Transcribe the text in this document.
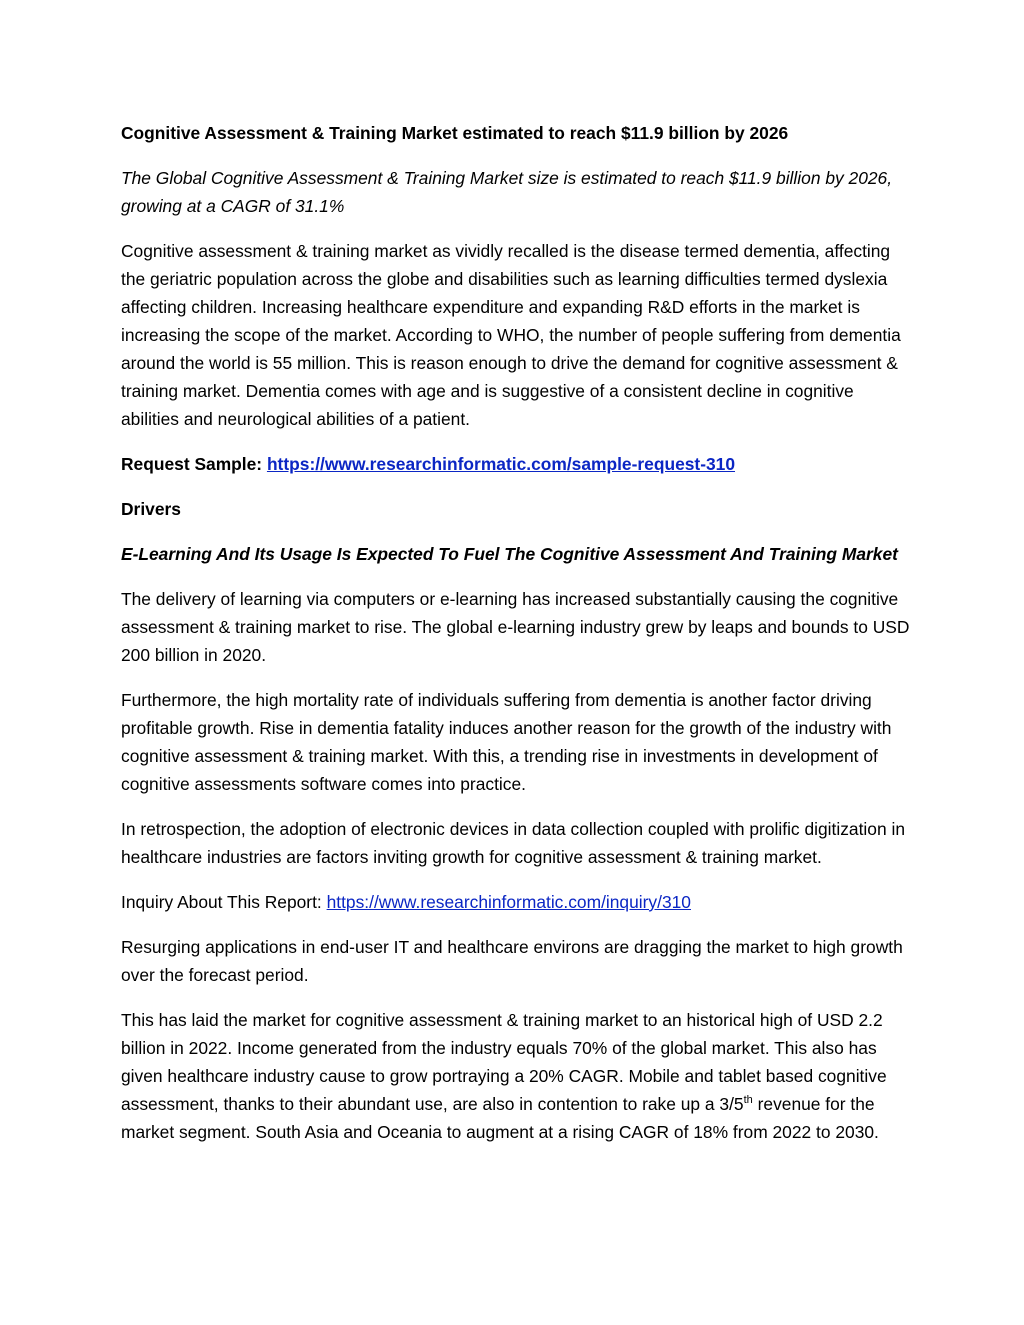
Cognitive Assessment & Training Market estimated to reach $11.9 billion by 2026

The Global Cognitive Assessment & Training Market size is estimated to reach $11.9 billion by 2026, growing at a CAGR of 31.1%

Cognitive assessment & training market as vividly recalled is the disease termed dementia, affecting the geriatric population across the globe and disabilities such as learning difficulties termed dyslexia affecting children. Increasing healthcare expenditure and expanding R&D efforts in the market is increasing the scope of the market. According to WHO, the number of people suffering from dementia around the world is 55 million. This is reason enough to drive the demand for cognitive assessment & training market. Dementia comes with age and is suggestive of a consistent decline in cognitive abilities and neurological abilities of a patient.

Request Sample: https://www.researchinformatic.com/sample-request-310

Drivers

E-Learning And Its Usage Is Expected To Fuel The Cognitive Assessment And Training Market

The delivery of learning via computers or e-learning has increased substantially causing the cognitive assessment & training market to rise. The global e-learning industry grew by leaps and bounds to USD 200 billion in 2020.

Furthermore, the high mortality rate of individuals suffering from dementia is another factor driving profitable growth. Rise in dementia fatality induces another reason for the growth of the industry with cognitive assessment & training market. With this, a trending rise in investments in development of cognitive assessments software comes into practice.

In retrospection, the adoption of electronic devices in data collection coupled with prolific digitization in healthcare industries are factors inviting growth for cognitive assessment & training market.

Inquiry About This Report: https://www.researchinformatic.com/inquiry/310

Resurging applications in end-user IT and healthcare environs are dragging the market to high growth over the forecast period.

This has laid the market for cognitive assessment & training market to an historical high of USD 2.2 billion in 2022. Income generated from the industry equals 70% of the global market. This also has given healthcare industry cause to grow portraying a 20% CAGR. Mobile and tablet based cognitive assessment, thanks to their abundant use, are also in contention to rake up a 3/5th revenue for the market segment. South Asia and Oceania to augment at a rising CAGR of 18% from 2022 to 2030.
